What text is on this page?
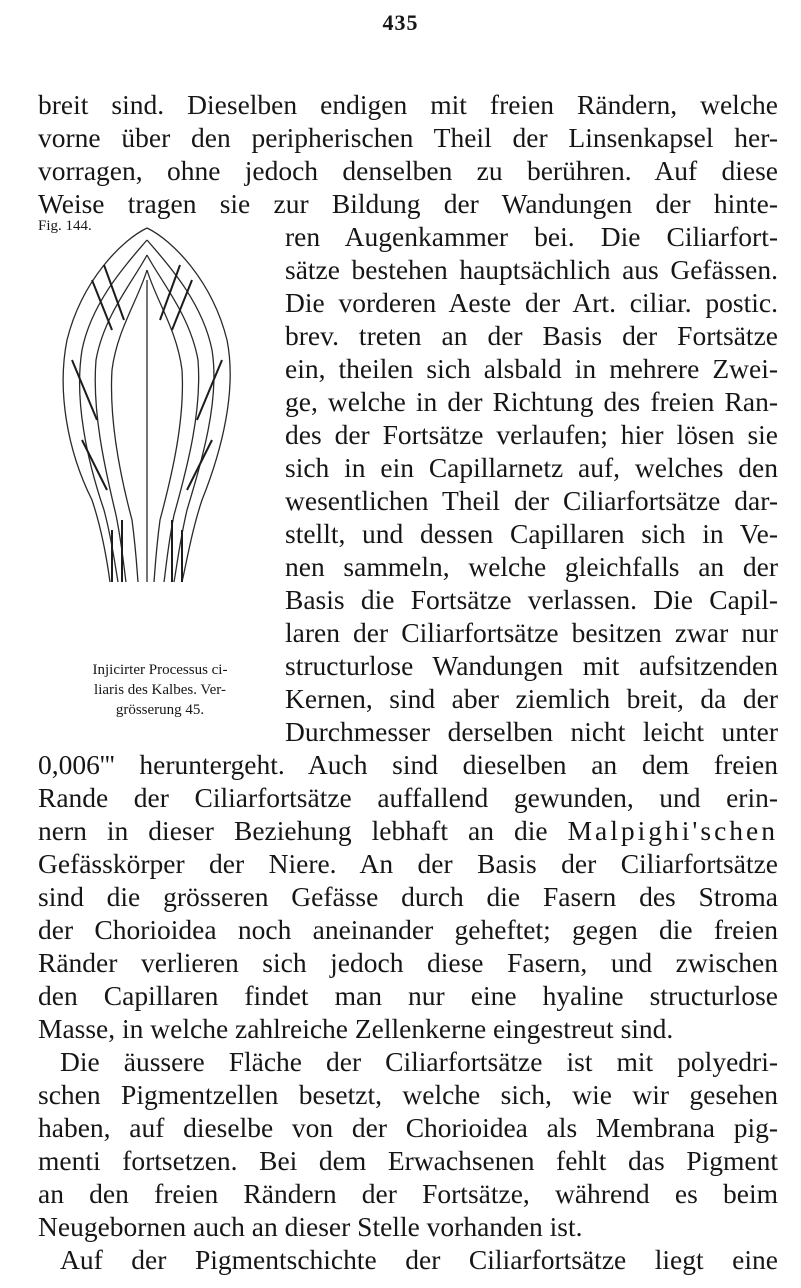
435
breit sind. Dieselben endigen mit freien Rändern, welche
vorne über den peripherischen Theil der Linsenkapsel her-
vorragen, ohne jedoch denselben zu berühren. Auf diese
Weise tragen sie zur Bildung der Wandungen der hinte-
Fig. 144.	ren Augenkammer bei. Die Ciliarfort-
sätze bestehen hauptsächlich aus Gefässen.
Die vorderen Aeste der Art. ciliar. postic.
brev. treten an der Basis der Fortsätze
ein, theilen sich alsbald in mehrere Zwei-
ge, welche in der Richtung des freien Ran-
des der Fortsätze verlaufen; hier lösen sie
sich in ein Capillarnetz auf, welches den
wesentlichen Theil der Ciliarfortsätze dar-
stellt, und dessen Capillaren sich in Ve-
nen sammeln, welche gleichfalls an der
Basis die Fortsätze verlassen. Die Capil-
laren der Ciliarfortsätze besitzen zwar nur
structurlose Wandungen mit aufsitzenden
Kernen, sind aber ziemlich breit, da der
Durchmesser derselben nicht leicht unter
Injicirter Processus ci-
liaris des Kalbes. Ver-
grösserung 45.
0,006''' heruntergeht. Auch sind dieselben an dem freien
Rande der Ciliarfortsätze auffallend gewunden, und erin-
nern in dieser Beziehung lebhaft an die Malpighi'schen
Gefässkörper der Niere. An der Basis der Ciliarfortsätze
sind die grösseren Gefässe durch die Fasern des Stroma
der Chorioidea noch aneinander geheftet; gegen die freien
Ränder verlieren sich jedoch diese Fasern, und zwischen
den Capillaren findet man nur eine hyaline structurlose
Masse, in welche zahlreiche Zellenkerne eingestreut sind.
Die äussere Fläche der Ciliarfortsätze ist mit polyedri-
schen Pigmentzellen besetzt, welche sich, wie wir gesehen
haben, auf dieselbe von der Chorioidea als Membrana pig-
menti fortsetzen. Bei dem Erwachsenen fehlt das Pigment
an den freien Rändern der Fortsätze, während es beim
Neugebornen auch an dieser Stelle vorhanden ist.
Auf der Pigmentschichte der Ciliarfortsätze liegt eine
